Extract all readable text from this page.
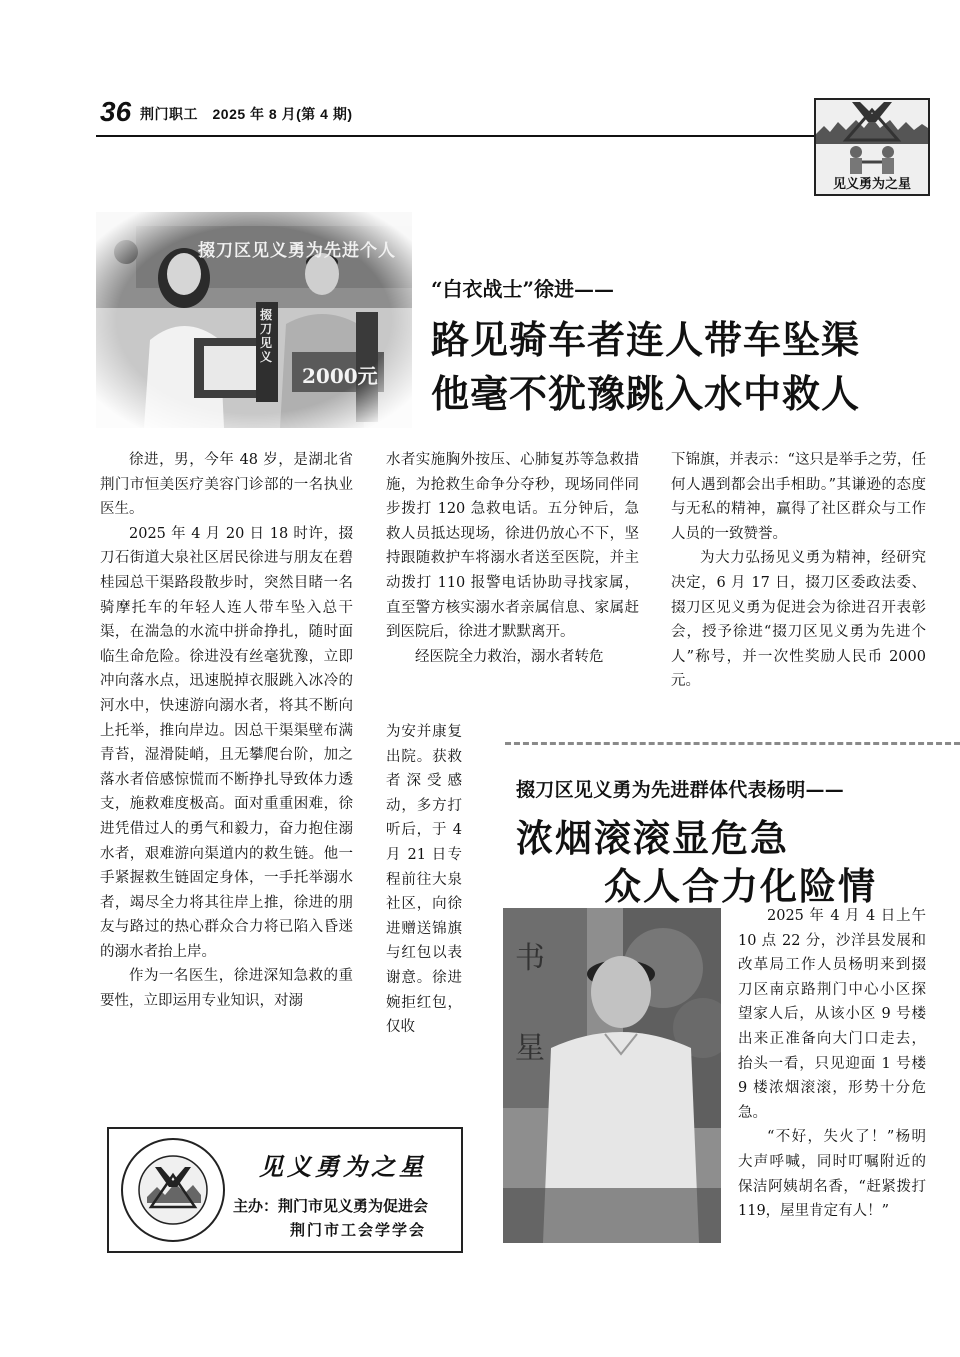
36 荆门职工　2025 年 8 月(第 4 期)
见义勇为之星
掇刀区见义勇为先进个人
掇刀见义
2000元
“白衣战士”徐进——
路见骑车者连人带车坠渠
他毫不犹豫跳入水中救人

徐进，男，今年 48 岁，是湖北省荆门市恒美医疗美容门诊部的一名执业医生。

2025 年 4 月 20 日 18 时许，掇刀石街道大泉社区居民徐进与朋友在碧桂园总干渠路段散步时，突然目睹一名骑摩托车的年轻人连人带车坠入总干渠，在湍急的水流中拼命挣扎，随时面临生命危险。徐进没有丝毫犹豫，立即冲向落水点，迅速脱掉衣服跳入冰冷的河水中，快速游向溺水者，将其不断向上托举，推向岸边。因总干渠渠壁布满青苔，湿滑陡峭，且无攀爬台阶，加之落水者倍感惊慌而不断挣扎导致体力透支，施救难度极高。面对重重困难，徐进凭借过人的勇气和毅力，奋力抱住溺水者，艰难游向渠道内的救生链。他一手紧握救生链固定身体，一手托举溺水者，竭尽全力将其往岸上推，徐进的朋友与路过的热心群众合力将已陷入昏迷的溺水者抬上岸。

作为一名医生，徐进深知急救的重要性，立即运用专业知识，对溺

水者实施胸外按压、心肺复苏等急救措施，为抢救生命争分夺秒，现场同伴同步拨打 120 急救电话。五分钟后，急救人员抵达现场，徐进仍放心不下，坚持跟随救护车将溺水者送至医院，并主动拨打 110 报警电话协助寻找家属，直至警方核实溺水者亲属信息、家属赶到医院后，徐进才默默离开。

经医院全力救治，溺水者转危

为安并康复出院。获救者深受感动，多方打听后，于 4 月 21 日专程前往大泉社区，向徐进赠送锦旗与红包以表谢意。徐进婉拒红包，仅收

下锦旗，并表示：“这只是举手之劳，任何人遇到都会出手相助。”其谦逊的态度与无私的精神，赢得了社区群众与工作人员的一致赞誉。

为大力弘扬见义勇为精神，经研究决定，6 月 17 日，掇刀区委政法委、掇刀区见义勇为促进会为徐进召开表彰会，授予徐进“掇刀区见义勇为先进个人”称号，并一次性奖励人民币 2000 元。

掇刀区见义勇为先进群体代表杨明——
浓烟滚滚显危急
众人合力化险情
书
星

2025 年 4 月 4 日上午 10 点 22 分，沙洋县发展和改革局工作人员杨明来到掇刀区南京路荆门中心小区探望家人后，从该小区 9 号楼出来正准备向大门口走去，抬头一看，只见迎面 1 号楼 9 楼浓烟滚滚，形势十分危急。

“不好，失火了！”杨明大声呼喊，同时叮嘱附近的保洁阿姨胡名香，“赶紧拨打 119，屋里肯定有人！”

见义勇为之星
主办：荆门市见义勇为促进会
荆门市工会学学会
